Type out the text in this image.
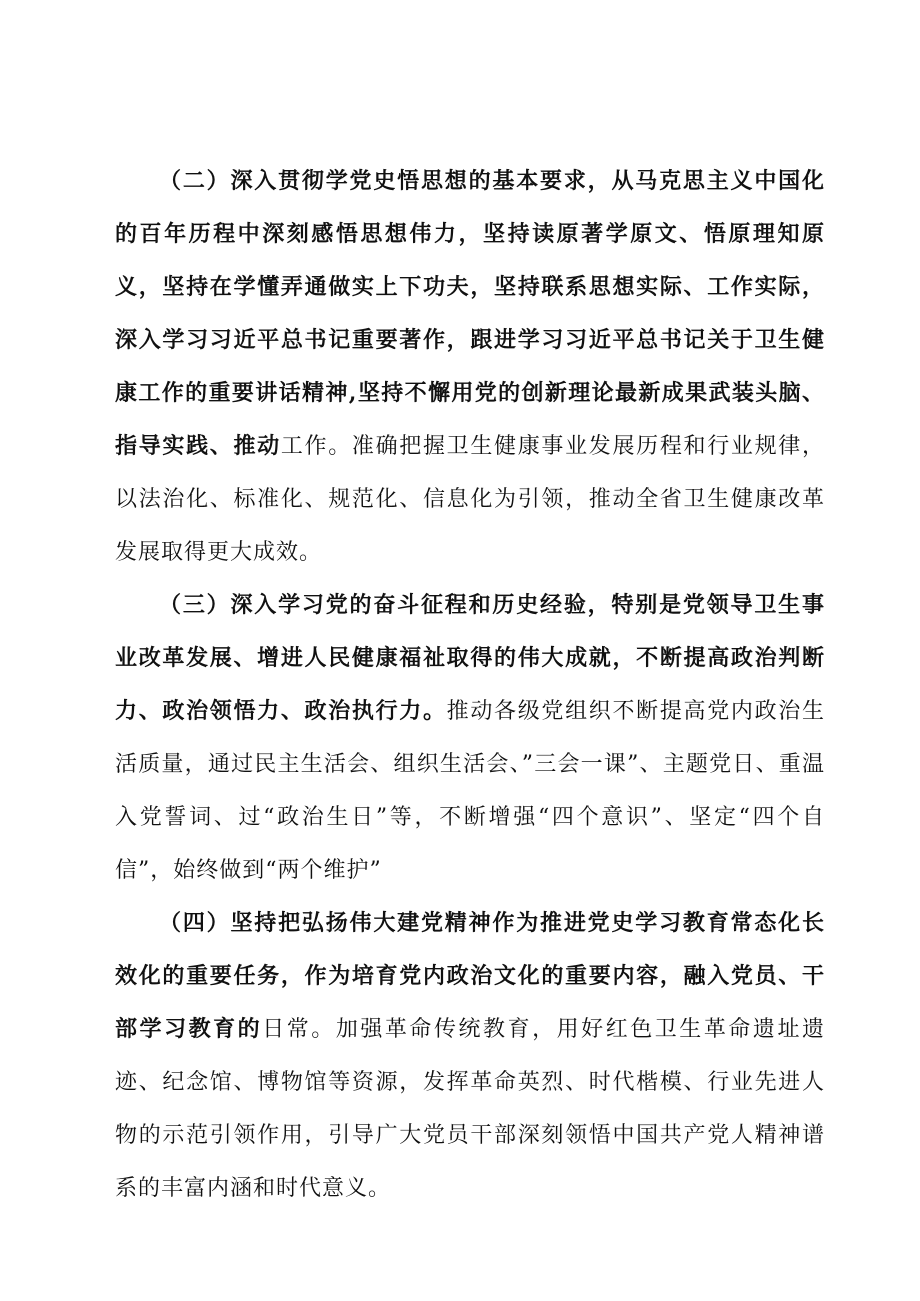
（二）深入贯彻学党史悟思想的基本要求，从马克思主义中国化的百年历程中深刻感悟思想伟力，坚持读原著学原文、悟原理知原义，坚持在学懂弄通做实上下功夫，坚持联系思想实际、工作实际，深入学习习近平总书记重要著作，跟进学习习近平总书记关于卫生健康工作的重要讲话精神,坚持不懈用党的创新理论最新成果武装头脑、指导实践、推动工作。准确把握卫生健康事业发展历程和行业规律，以法治化、标准化、规范化、信息化为引领，推动全省卫生健康改革发展取得更大成效。

（三）深入学习党的奋斗征程和历史经验，特别是党领导卫生事业改革发展、增进人民健康福祉取得的伟大成就，不断提高政治判断力、政治领悟力、政治执行力。推动各级党组织不断提高党内政治生活质量，通过民主生活会、组织生活会、”三会一课”、主题党日、重温入党誓词、过“政治生日”等，不断增强“四个意识”、坚定“四个自信”，始终做到“两个维护”

（四）坚持把弘扬伟大建党精神作为推进党史学习教育常态化长效化的重要任务，作为培育党内政治文化的重要内容，融入党员、干部学习教育的日常。加强革命传统教育，用好红色卫生革命遗址遗迹、纪念馆、博物馆等资源，发挥革命英烈、时代楷模、行业先进人物的示范引领作用，引导广大党员干部深刻领悟中国共产党人精神谱系的丰富内涵和时代意义。
